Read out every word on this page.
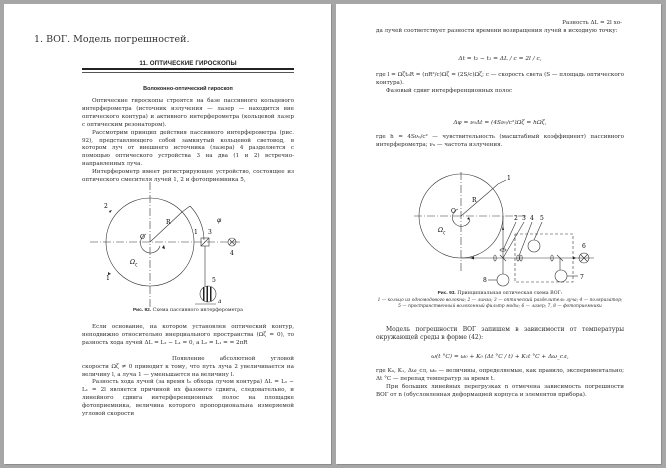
1. ВОГ. Модель погрешностей.
11. ОПТИЧЕСКИЕ ГИРОСКОПЫ
Волоконно-оптический гироскоп

Оптические гироскопы строятся на базе пассивного кольцевого интерферометра (источник излучения — лазер — находится вне оптического контура) и активного интерферометра (кольцевой лазер с оптическим резонатором).

Рассмотрим принцип действия пассивного интерферометра (рис. 92), представляющего собой замкнутый кольцевой световод, в котором луч от внешнего источника (лазера) 4 разделяется с помощью оптического устройства 3 на два (1 и 2) встречно-направленных луча.

Интерферометр имеет регистрирующее устройство, состоящее из оптического смесителя лучей 1, 2 и фотоприемника 5,

2
1
O
R
1 3
φ
4
5
Ω ζ
Δ
Рис. 92. Схема пассивного интерферометра

Если основание, на котором установлен оптический контур, неподвижно относительно инерциального пространства (Ωζ = 0), то разность хода лучей ΔL = L₂ − L₁ = 0, а L₂ = L₁ = = 2πR

Появление абсолютной угловой скорости Ωζ ≠ 0 приводит к тому, что путь луча 2 увеличивается на величину l, а луча 1 — уменьшается на величину l.

Разность хода лучей (за время t₀ обхода лучом контура) ΔL = L₂ − L₁ = 2l является причиной их фазового сдвига, следовательно, и линейного сдвига интерференционных полос на площадке фотоприемника, величина которого пропорциональна измеряемой угловой скорости

Разность ΔL = 2l хо-

да лучей соответствует разности времени возвращения лучей в исходную точку:

Δt = t₂ − t₁ = ΔL / c = 2l / c,

где l = Ωζt₀R = (πR²/c)Ωζ = (2S/c)Ωζ; c — скорость света (S — площадь оптического контура).

Фазовый сдвиг интерференционных полос

Δφ = ν₀Δt = (4Sν₀/c²)Ωζ = hΩζ,

где h = 4Sν₀/c² — чувствительность (масштабный коэффициент) пассивного интерферометра; ν₀ — частота излучения.

1
R
O
2 3 4 5
6
7
8
Ω ζ
Рис. 93. Принципиальная оптическая схема ВОГ:
1 — кольцо из одномодового волокна; 2 — линза; 3 — оптический разделитель луча; 4 — поляризатор; 5 — пространственный волоконный фильтр моды; 6 — лазер; 7, 8 — фотоприемники

Модель погрешности ВОГ запишем в зависимости от температуры окружающей среды в форме (42):

ω(t °C) = ω₀ + K₀ (Δt °C / t) + K₁t °C + Δω_сл,

где K₀, K₁, Δω_сл, ω₀ — величины, определяемые, как правило, экспериментально; Δt °C — перепад температур за время t.

При больших линейных перегрузках n отмечена зависимость погрешности ВОГ от n (обусловленная деформацией корпуса и элементов прибора).
